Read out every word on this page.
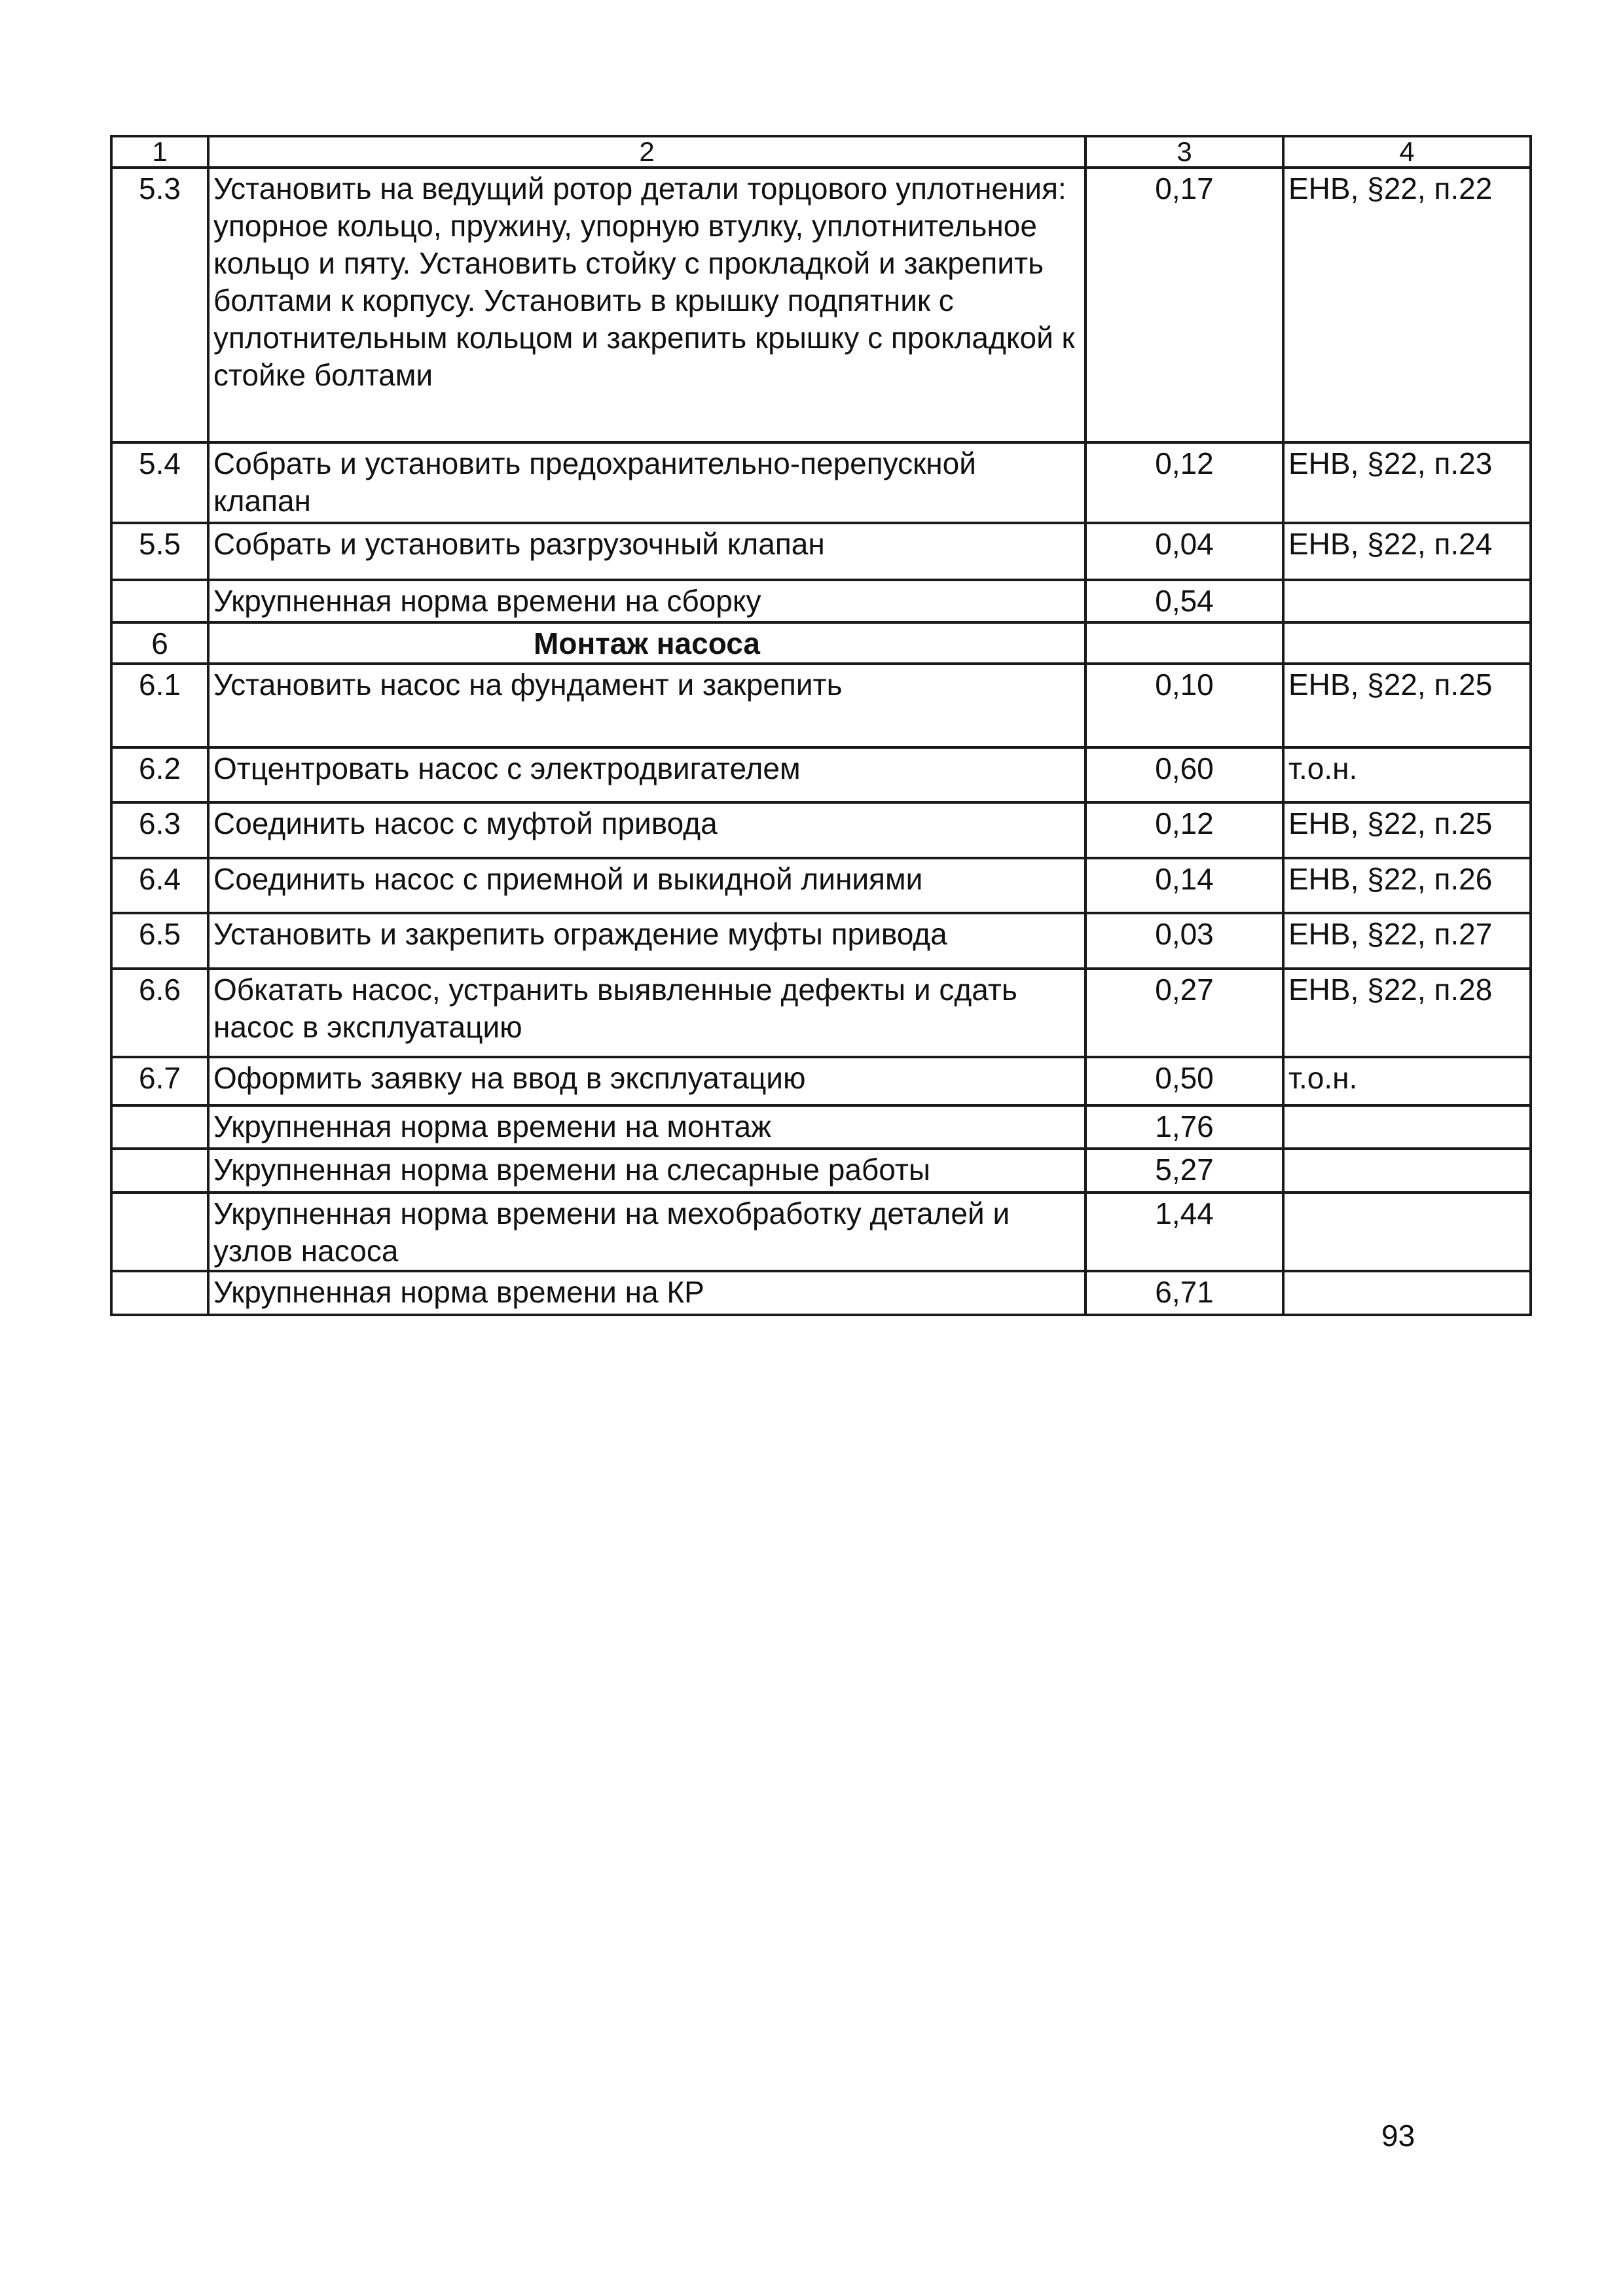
1	2	3	4
5.3	Установить на ведущий ротор детали торцового уплотнения: упорное кольцо, пружину, упорную втулку, уплотнительное кольцо и пяту. Установить стойку с прокладкой и закрепить болтами к корпусу. Установить в крышку подпятник с уплотнительным кольцом и закрепить крышку с прокладкой к стойке болтами	0,17	ЕНВ, §22, п.22
5.4	Собрать и установить предохранительно-перепускной клапан	0,12	ЕНВ, §22, п.23
5.5	Собрать и установить разгрузочный клапан	0,04	ЕНВ, §22, п.24
	Укрупненная норма времени на сборку	0,54	
6	Монтаж насоса		
6.1	Установить насос на фундамент и закрепить	0,10	ЕНВ, §22, п.25
6.2	Отцентровать насос с электродвигателем	0,60	т.о.н.
6.3	Соединить насос с муфтой привода	0,12	ЕНВ, §22, п.25
6.4	Соединить насос с приемной и выкидной линиями	0,14	ЕНВ, §22, п.26
6.5	Установить и закрепить ограждение муфты привода	0,03	ЕНВ, §22, п.27
6.6	Обкатать насос, устранить выявленные дефекты и сдать насос в эксплуатацию	0,27	ЕНВ, §22, п.28
6.7	Оформить заявку на ввод в эксплуатацию	0,50	т.о.н.
	Укрупненная норма времени на монтаж	1,76	
	Укрупненная норма времени на слесарные работы	5,27	
	Укрупненная норма времени на мехобработку деталей и узлов насоса	1,44	
	Укрупненная норма времени на КР	6,71	
93
